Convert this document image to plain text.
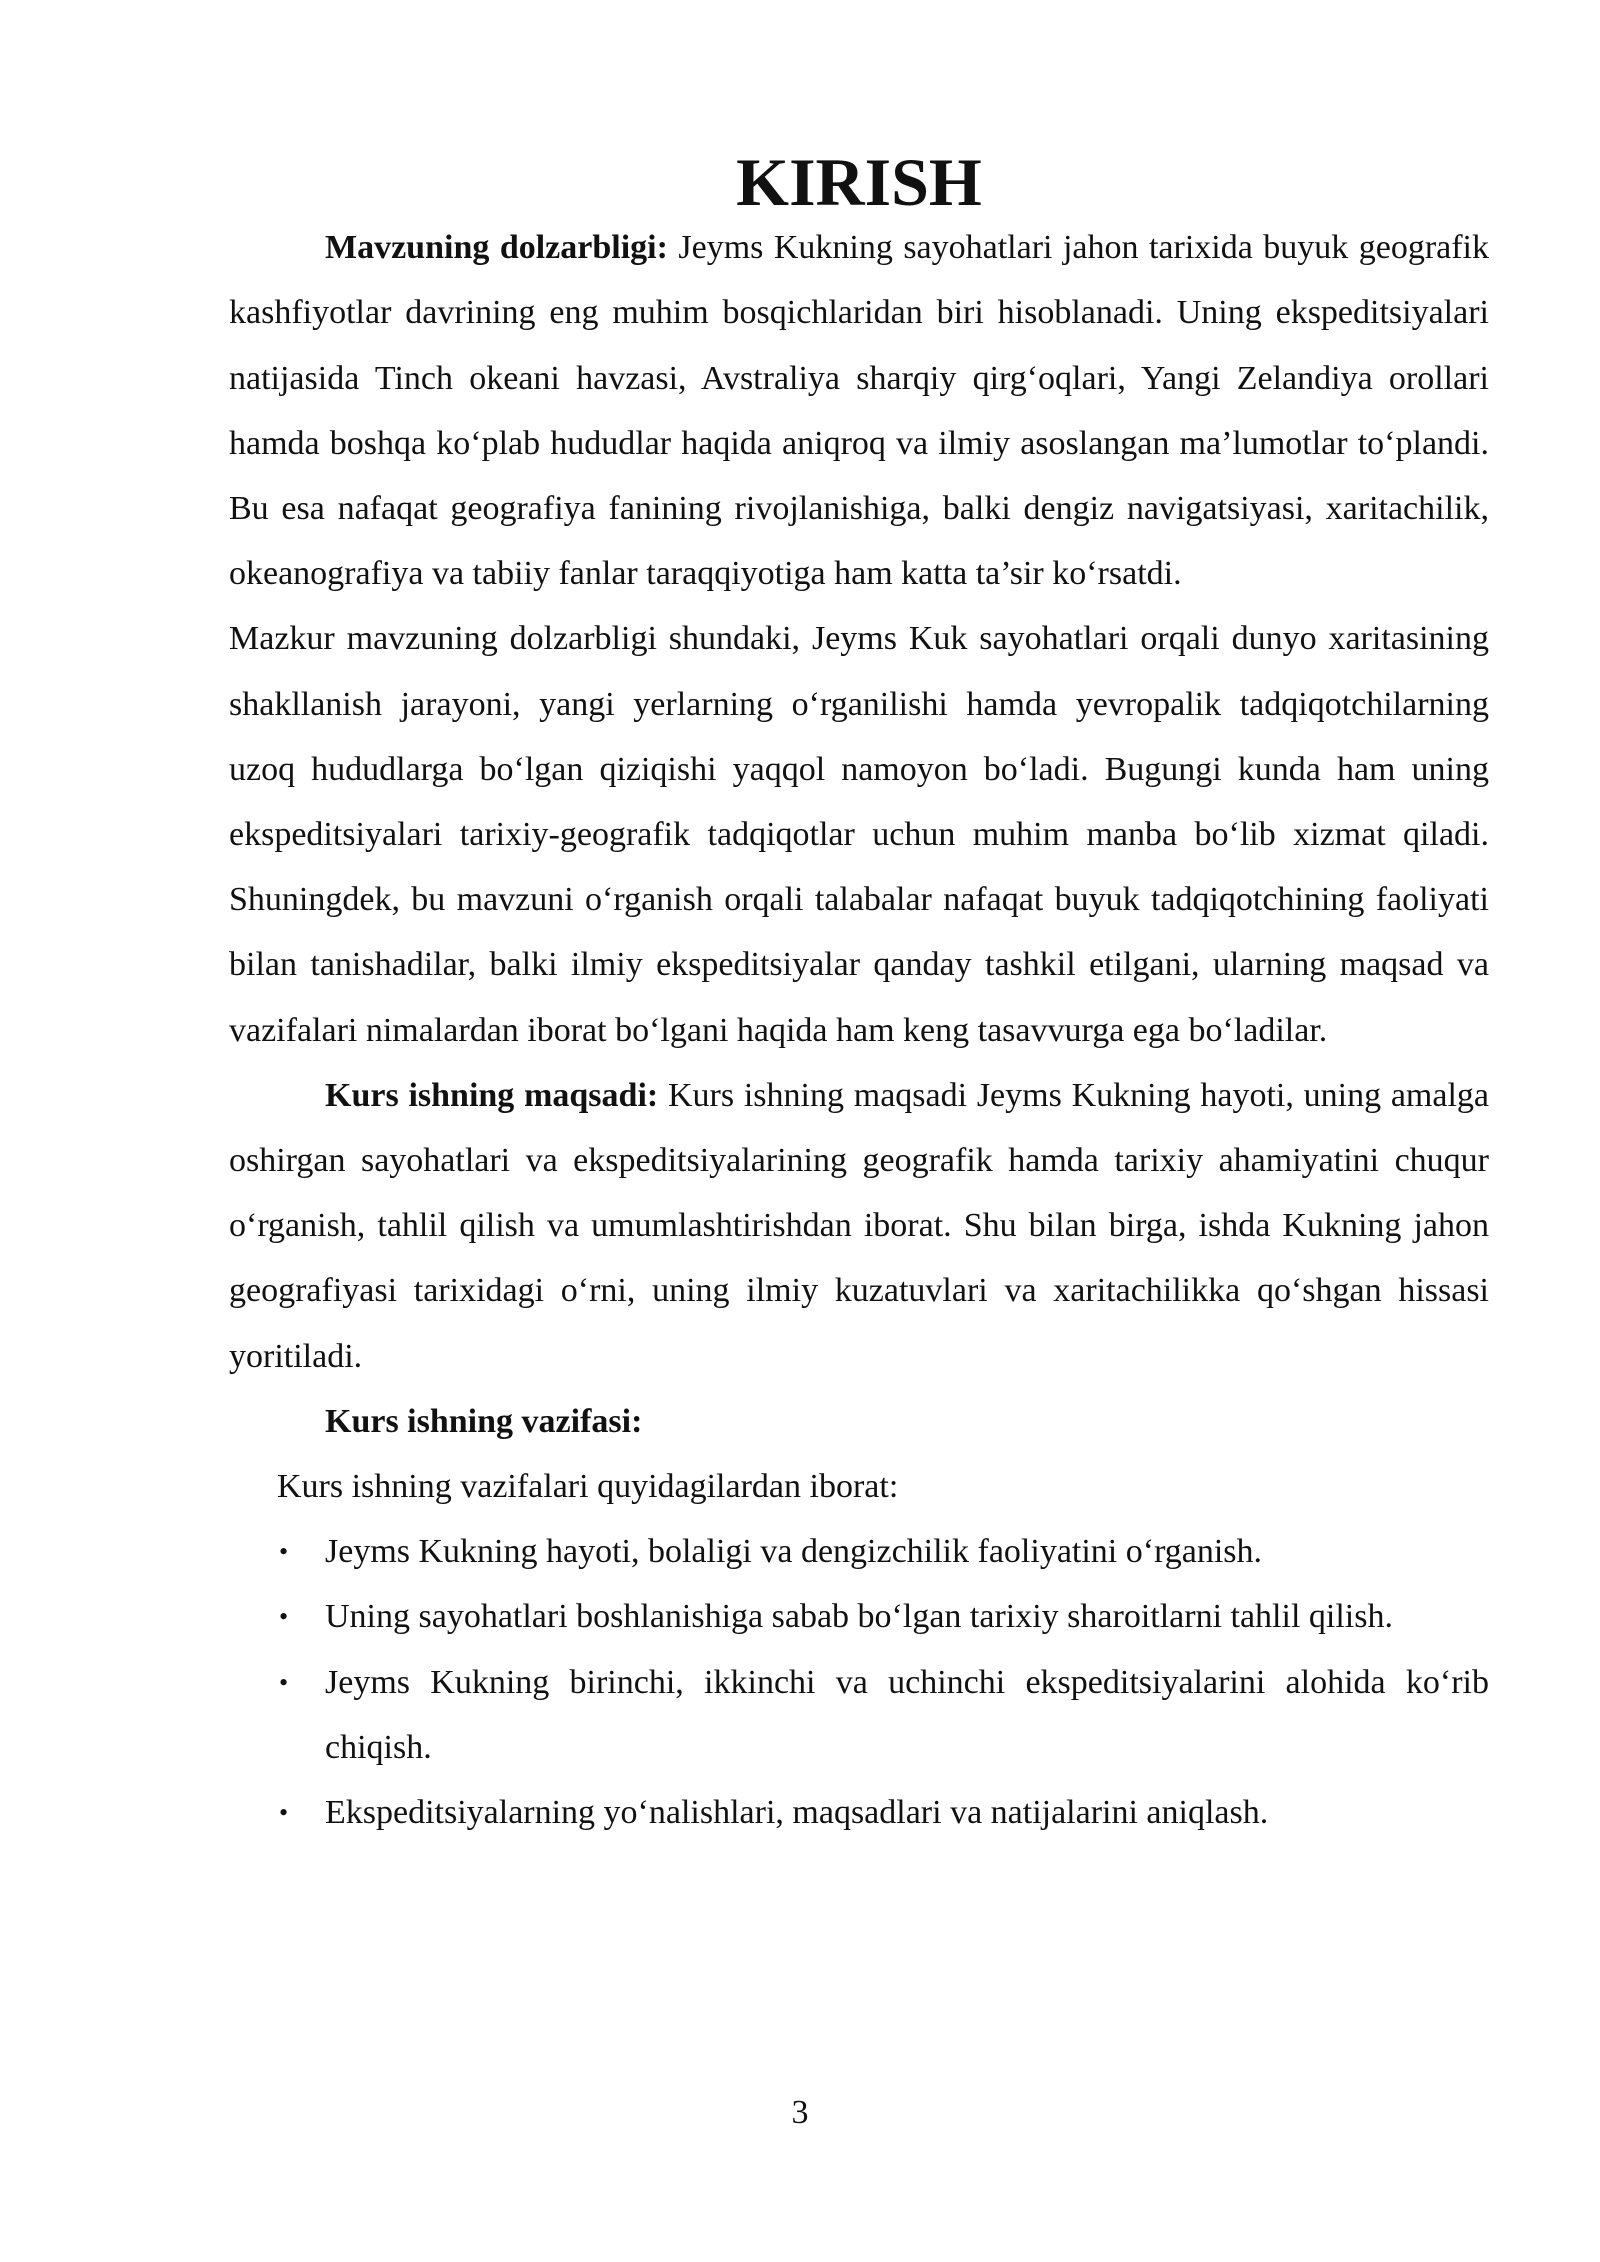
KIRISH

Mavzuning dolzarbligi: Jeyms Kukning sayohatlari jahon tarixida buyuk geografik kashfiyotlar davrining eng muhim bosqichlaridan biri hisoblanadi. Uning ekspeditsiyalari natijasida Tinch okeani havzasi, Avstraliya sharqiy qirg‘oqlari, Yangi Zelandiya orollari hamda boshqa ko‘plab hududlar haqida aniqroq va ilmiy asoslangan ma’lumotlar to‘plandi. Bu esa nafaqat geografiya fanining rivojlanishiga, balki dengiz navigatsiyasi, xaritachilik, okeanografiya va tabiiy fanlar taraqqiyotiga ham katta ta’sir ko‘rsatdi.

Mazkur mavzuning dolzarbligi shundaki, Jeyms Kuk sayohatlari orqali dunyo xaritasining shakllanish jarayoni, yangi yerlarning o‘rganilishi hamda yevropalik tadqiqotchilarning uzoq hududlarga bo‘lgan qiziqishi yaqqol namoyon bo‘ladi. Bugungi kunda ham uning ekspeditsiyalari tarixiy-geografik tadqiqotlar uchun muhim manba bo‘lib xizmat qiladi. Shuningdek, bu mavzuni o‘rganish orqali talabalar nafaqat buyuk tadqiqotchining faoliyati bilan tanishadilar, balki ilmiy ekspeditsiyalar qanday tashkil etilgani, ularning maqsad va vazifalari nimalardan iborat bo‘lgani haqida ham keng tasavvurga ega bo‘ladilar.

Kurs ishning maqsadi: Kurs ishning maqsadi Jeyms Kukning hayoti, uning amalga oshirgan sayohatlari va ekspeditsiyalarining geografik hamda tarixiy ahamiyatini chuqur o‘rganish, tahlil qilish va umumlashtirishdan iborat. Shu bilan birga, ishda Kukning jahon geografiyasi tarixidagi o‘rni, uning ilmiy kuzatuvlari va xaritachilikka qo‘shgan hissasi yoritiladi.

Kurs ishning vazifasi:

Kurs ishning vazifalari quyidagilardan iborat:

• Jeyms Kukning hayoti, bolaligi va dengizchilik faoliyatini o‘rganish.
• Uning sayohatlari boshlanishiga sabab bo‘lgan tarixiy sharoitlarni tahlil qilish.
• Jeyms Kukning birinchi, ikkinchi va uchinchi ekspeditsiyalarini alohida ko‘rib chiqish.
• Ekspeditsiyalarning yo‘nalishlari, maqsadlari va natijalarini aniqlash.
3
